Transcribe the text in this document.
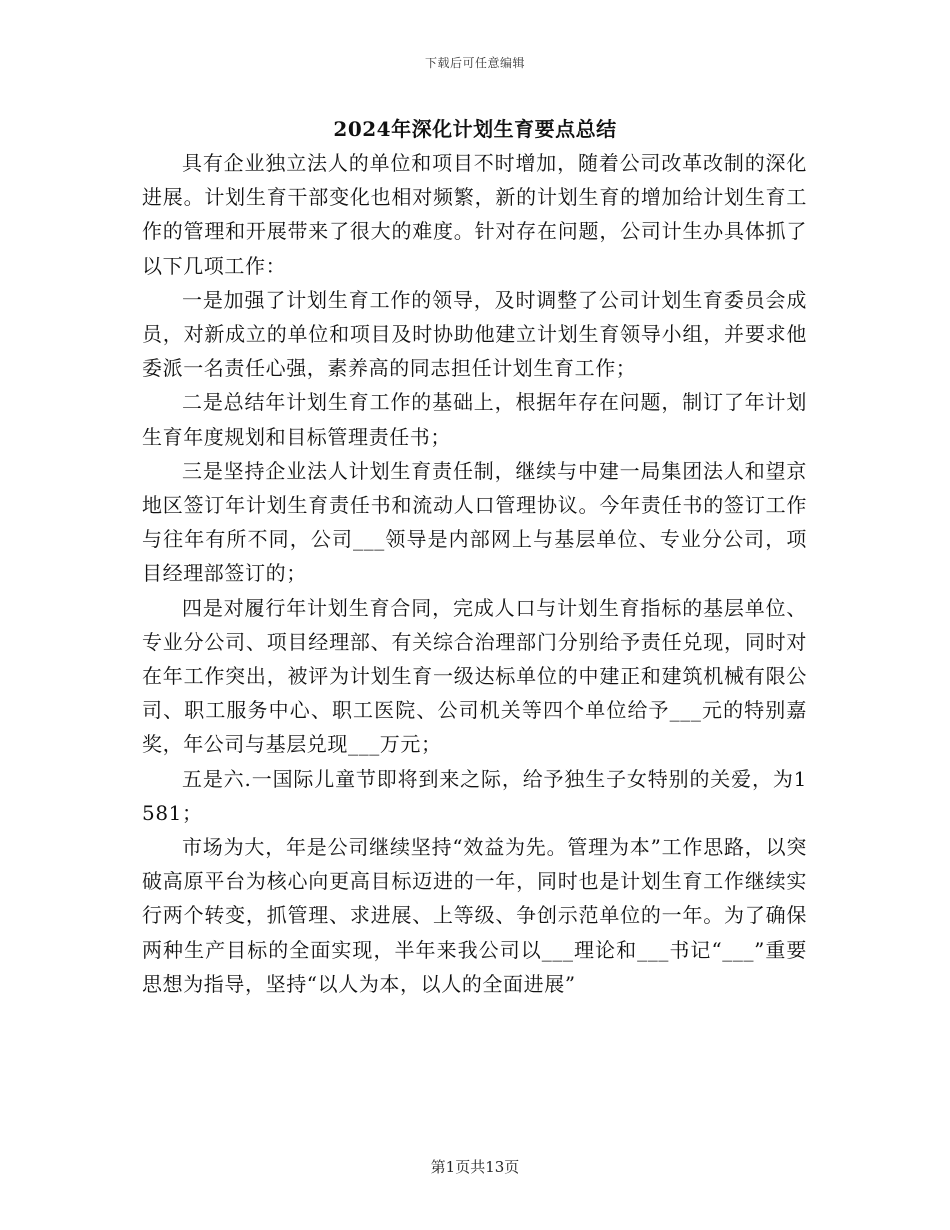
下载后可任意编辑
2024年深化计划生育要点总结

具有企业独立法人的单位和项目不时增加，随着公司改革改制的深化进展。计划生育干部变化也相对频繁，新的计划生育的增加给计划生育工作的管理和开展带来了很大的难度。针对存在问题，公司计生办具体抓了以下几项工作：

一是加强了计划生育工作的领导，及时调整了公司计划生育委员会成员，对新成立的单位和项目及时协助他建立计划生育领导小组，并要求他委派一名责任心强，素养高的同志担任计划生育工作；

二是总结年计划生育工作的基础上，根据年存在问题，制订了年计划生育年度规划和目标管理责任书；

三是坚持企业法人计划生育责任制，继续与中建一局集团法人和望京地区签订年计划生育责任书和流动人口管理协议。今年责任书的签订工作与往年有所不同，公司___领导是内部网上与基层单位、专业分公司，项目经理部签订的；

四是对履行年计划生育合同，完成人口与计划生育指标的基层单位、专业分公司、项目经理部、有关综合治理部门分别给予责任兑现，同时对在年工作突出，被评为计划生育一级达标单位的中建正和建筑机械有限公司、职工服务中心、职工医院、公司机关等四个单位给予___元的特别嘉奖，年公司与基层兑现___万元；

五是六.一国际儿童节即将到来之际，给予独生子女特别的关爱，为1581；

市场为大，年是公司继续坚持“效益为先。管理为本”工作思路，以突破高原平台为核心向更高目标迈进的一年，同时也是计划生育工作继续实行两个转变，抓管理、求进展、上等级、争创示范单位的一年。为了确保两种生产目标的全面实现，半年来我公司以___理论和___书记“___”重要思想为指导，坚持“以人为本，以人的全面进展”

第1页共13页
